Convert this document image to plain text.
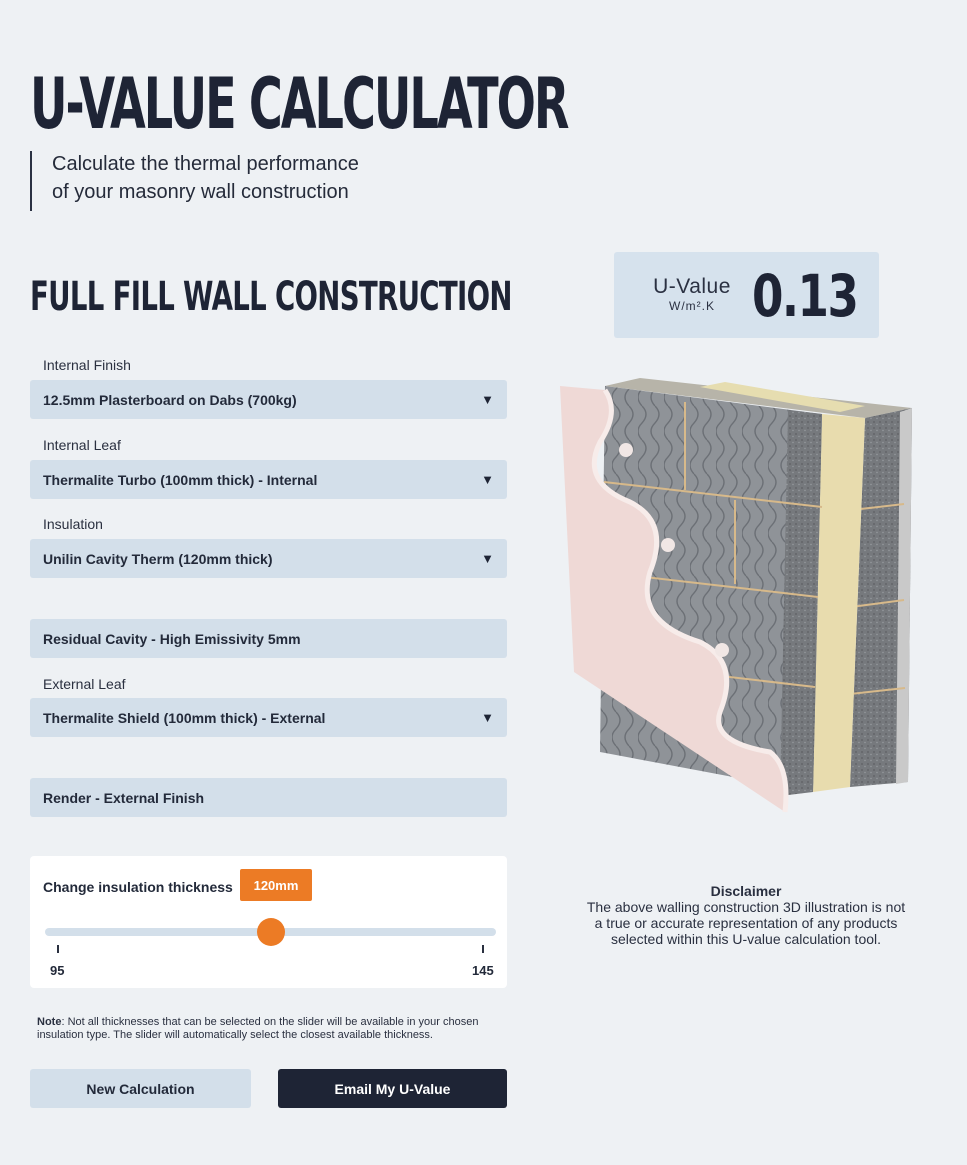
U-VALUE CALCULATOR
Calculate the thermal performance
of your masonry wall construction
FULL FILL WALL CONSTRUCTION
Internal Finish
12.5mm Plasterboard on Dabs (700kg)	▼
Internal Leaf
Thermalite Turbo (100mm thick) - Internal	▼
Insulation
Unilin Cavity Therm (120mm thick)	▼
Residual Cavity - High Emissivity 5mm
External Leaf
Thermalite Shield (100mm thick) - External	▼
Render - External Finish
Change insulation thickness	120mm
95	145
Note: Not all thicknesses that can be selected on the slider will be available in your chosen insulation type. The slider will automatically select the closest available thickness.
New Calculation	Email My U-Value
U-Value
W/m².K 0.13
Disclaimer
The above walling construction 3D illustration is not a true or accurate representation of any products selected within this U-value calculation tool.
